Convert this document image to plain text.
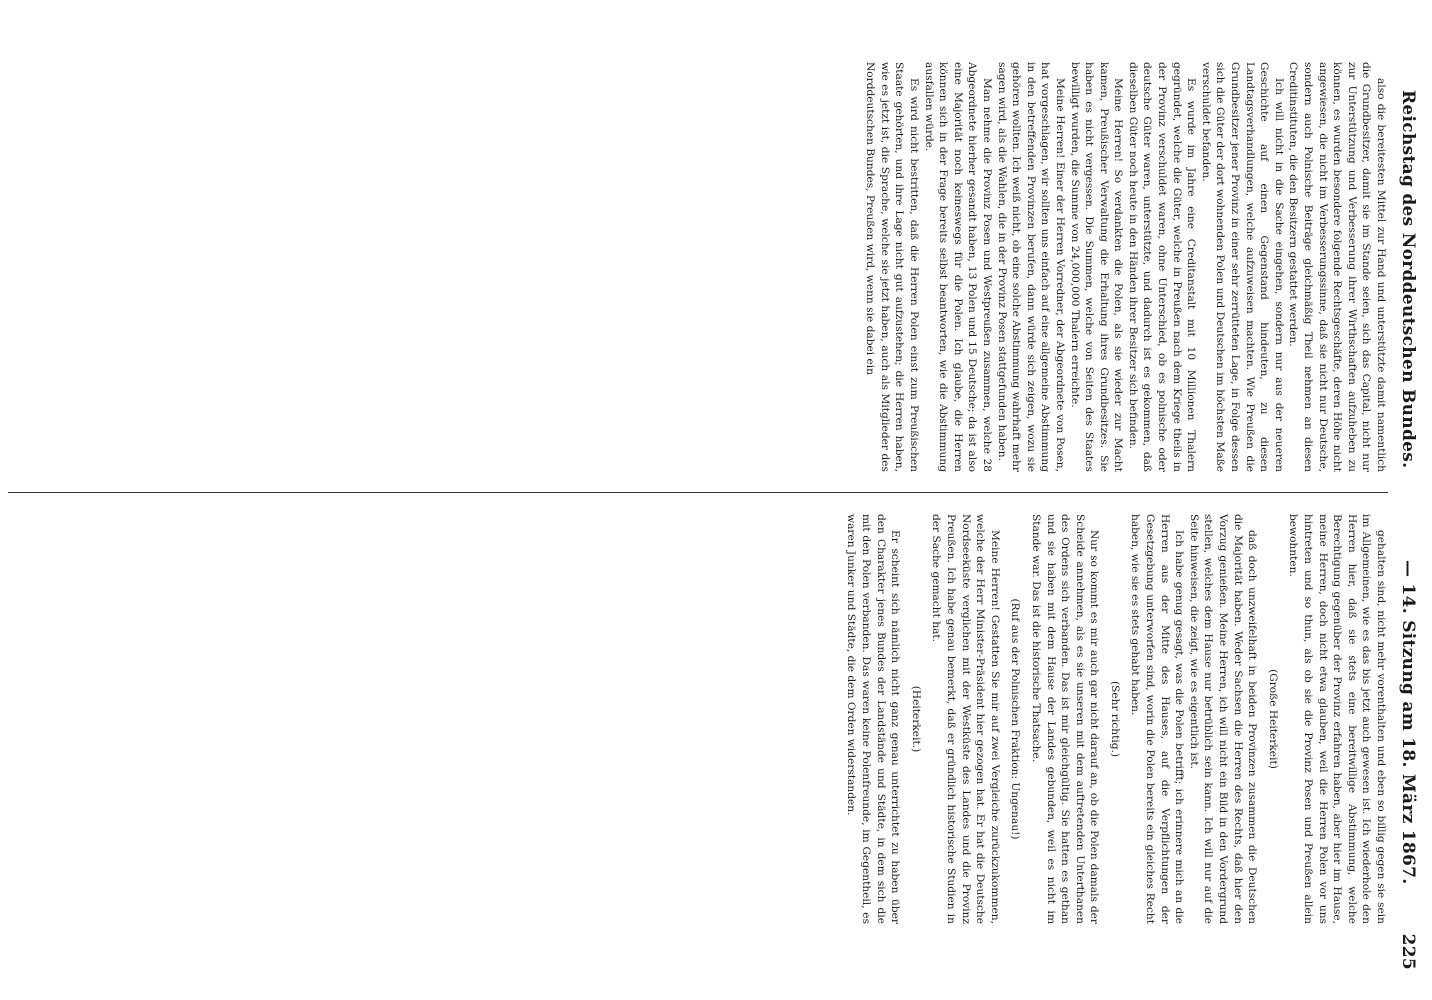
Reichstag des Norddeutschen Bundes.
— 14. Sitzung am 18. März 1867.
225

also die bereitesten Mittel zur Hand und unterstützte damit namentlich die Grundbesitzer, damit sie im Stande seien, sich das Capital, nicht nur zur Unterstützung und Verbesserung ihrer Wirthschaften aufzuheben zu können, es wurden besondere folgende Rechtsgeschäfte, deren Höhe nicht angewiesen, die nicht im Verbesserungssinne, daß sie nicht nur Deutsche, sondern auch Polnische Beiträge gleichmäßig Theil nehmen an diesen Creditinstituten, die den Besitzern gestattet werden.

Ich will nicht in die Sache eingehen, sondern nur aus der neueren Geschichte auf einen Gegenstand hindeuten, zu diesen Landtagsverhandlungen, welche aufzuweisen machten. Wie Preußen die Grundbesitzer jener Provinz in einer sehr zerrütteten Lage, in Folge dessen sich die Güter der dort wohnenden Polen und Deutschen im höchsten Maße verschuldet befanden.

Es wurde im Jahre eine Creditanstalt mit 10 Millionen Thalern gegründet, welche die Güter, welche in Preußen nach dem Kriege theils in der Provinz verschuldet waren, ohne Unterschied, ob es polnische oder deutsche Güter waren, unterstützte, und dadurch ist es gekommen, daß dieselben Güter noch heute in den Händen ihrer Besitzer sich befinden.

Meine Herren! So verdankten die Polen, als sie wieder zur Macht kamen, Preußischer Verwaltung die Erhaltung ihres Grundbesitzes. Sie haben es nicht vergessen. Die Summen, welche von Seiten des Staates bewilligt wurden, die Summe von 24,000,000 Thalern erreichte.

Meine Herren! Einer der Herren Vorredner, der Abgeordnete von Posen, hat vorgeschlagen, wir sollten uns einfach auf eine allgemeine Abstimmung in den betreffenden Provinzen berufen, dann würde sich zeigen, wozu sie gehören wollten. Ich weiß nicht, ob eine solche Abstimmung wahrhaft mehr sagen wird, als die Wahlen, die in der Provinz Posen stattgefunden haben.

Man nehme die Provinz Posen und Westpreußen zusammen, welche 28 Abgeordnete hierher gesandt haben, 13 Polen und 15 Deutsche; da ist also eine Majorität noch keineswegs für die Polen. Ich glaube, die Herren können sich in der Frage bereits selbst beantworten, wie die Abstimmung ausfallen würde.

Es wird nicht bestritten, daß die Herren Polen einst zum Preußischen Staate gehörten, und ihre Lage nicht gut aufzustehen; die Herren haben, wie es jetzt ist, die Sprache, welche sie jetzt haben, auch als Mitglieder des Norddeutschen Bundes, Preußen wird, wenn sie dabei ein

gehalten sind, nicht mehr vorenthalten und eben so billig gegen sie sein im Allgemeinen, wie es das bis jetzt auch gewesen ist. Ich wiederhole den Herren hier, daß sie stets eine bereitwillige Abstimmung, welche Berechtigung gegenüber der Provinz erfahren haben, aber hier im Hause, meine Herren, doch nicht etwa glauben, weil die Herren Polen vor uns hintreten und so thun, als ob sie die Provinz Posen und Preußen allein bewohnten.

(Große Heiterkeit)

daß doch unzweifelhaft in beiden Provinzen zusammen die Deutschen die Majorität haben. Weder Sachsen die Herren des Rechts, daß hier den Vorzug genießen. Meine Herren, ich will nicht ein Bild in den Vordergrund stellen, welches dem Hause nur betrüblich sein kann. Ich will nur auf die Seite hinweisen, die zeigt, wie es eigentlich ist.

Ich habe genug gesagt, was die Polen betrifft; ich erinnere mich an die Herren aus der Mitte des Hauses, auf die Verpflichtungen der Gesetzgebung unterworfen sind, worin die Polen bereits ein gleiches Recht haben, wie sie es stets gehabt haben.

(Sehr richtig.)

Nur so kommt es mir auch gar nicht darauf an, ob die Polen damals der Scheide annehmen, als es sie unseren mit dem auftretenden Unterthanen des Ordens sich verbanden. Das ist mir gleichgültig. Sie hatten es gethan und sie haben mit dem Hause der Landes gebunden, weil es nicht im Stande war. Das ist die historische Thatsache.

(Ruf aus der Polnischen Fraktion: Ungenau!)

Meine Herren! Gestatten Sie mir auf zwei Vergleiche zurückzukommen, welche der Herr Minister-Präsident hier gezogen hat. Er hat die Deutsche Nordseeküste verglichen mit der Westküste des Landes und die Provinz Preußen. Ich habe genau bemerkt, daß er gründlich historische Studien in der Sache gemacht hat.

(Heiterkeit.)

Er scheint sich nämlich nicht ganz genau unterrichtet zu haben über den Charakter jenes Bundes der Landstände und Städte, in dem sich die mit den Polen verbanden. Das waren keine Polenfreunde, im Gegentheil, es waren Junker und Städte, die dem Orden widerstanden.
